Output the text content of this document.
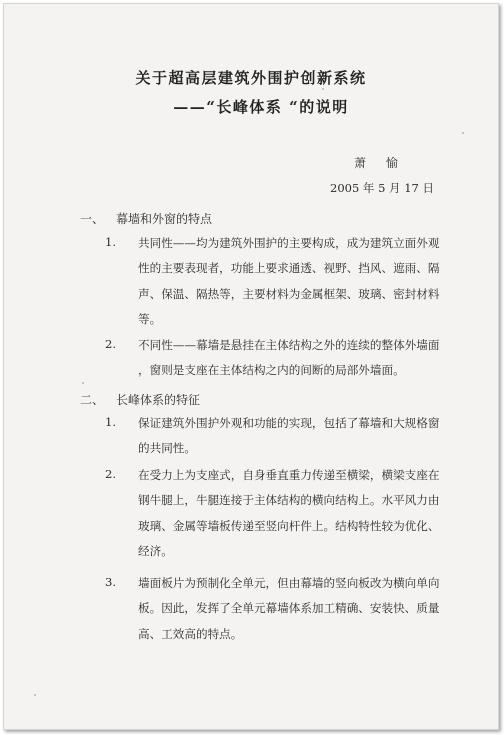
关于超高层建筑外围护创新系统
——“长峰体系 “的说明
萧 愉
2005 年 5 月 17 日
一、 幕墙和外窗的特点
1.	共同性——均为建筑外围护的主要构成，成为建筑立面外观
性的主要表现者，功能上要求通透、视野、挡风、遮雨、隔
声、保温、隔热等，主要材料为金属框架、玻璃、密封材料
等。
2.	不同性——幕墙是悬挂在主体结构之外的连续的整体外墙面
，窗则是支座在主体结构之内的间断的局部外墙面。
二、 长峰体系的特征
1.	保证建筑外围护外观和功能的实现，包括了幕墙和大规格窗
的共同性。
2.	在受力上为支座式，自身垂直重力传递至横梁，横梁支座在
钢牛腿上，牛腿连接于主体结构的横向结构上。水平风力由
玻璃、金属等墙板传递至竖向杆件上。结构特性较为优化、
经济。
3.	墙面板片为预制化全单元，但由幕墙的竖向板改为横向单向
板。因此，发挥了全单元幕墙体系加工精确、安装快、质量
高、工效高的特点。
